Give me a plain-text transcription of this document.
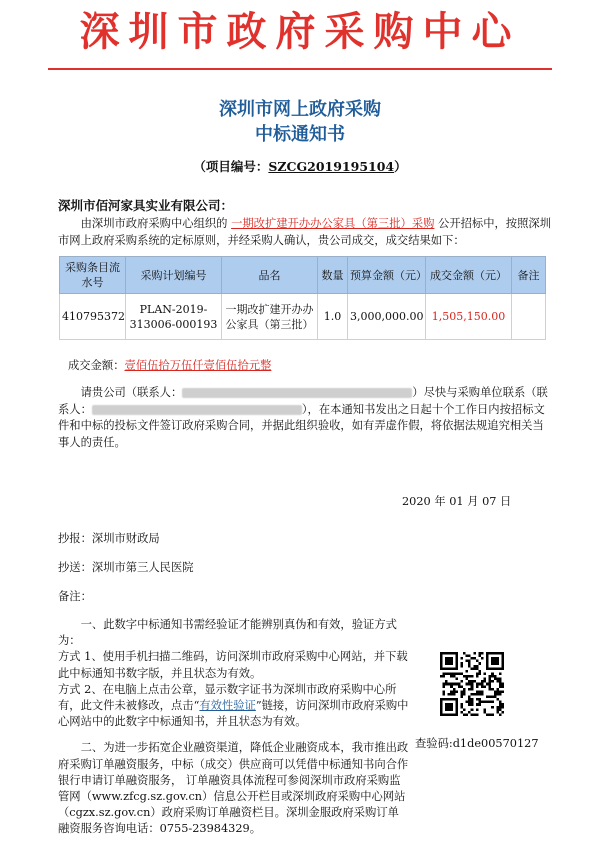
深圳市政府采购中心
深圳市网上政府采购
中标通知书
（项目编号：SZCG2019195104）
深圳市佰河家具实业有限公司：
  由深圳市政府采购中心组织的 一期改扩建开办办公家具（第三批）采购 公开招标中，按照深圳市网上政府采购系统的定标原则，并经采购人确认，贵公司成交，成交结果如下：
采购条目流水号	采购计划编号	品名	数量	预算金额（元）	成交金额（元）	备注
410795372	PLAN-2019-313006-000193	一期改扩建开办办公家具（第三批）	1.0	3,000,000.00	1,505,150.00	
成交金额：壹佰伍拾万伍仟壹佰伍拾元整
  请贵公司（联系人：	）尽快与采购单位联系（联系人：	），在本通知书发出之日起十个工作日内按招标文件和中标的投标文件签订政府采购合同，并据此组织验收，如有弄虚作假，将依据法规追究相关当事人的责任。
2020 年 01 月 07 日
抄报：深圳市财政局
抄送：深圳市第三人民医院
备注：

一、此数字中标通知书需经验证才能辨别真伪和有效，验证方式为：

方式 1、使用手机扫描二维码，访问深圳市政府采购中心网站，并下载此中标通知书数字版，并且状态为有效。

方式 2、在电脑上点击公章，显示数字证书为深圳市政府采购中心所有，此文件未被修改，点击“有效性验证”链接，访问深圳市政府采购中心网站中的此数字中标通知书，并且状态为有效。

二、为进一步拓宽企业融资渠道，降低企业融资成本，我市推出政府采购订单融资服务，中标（成交）供应商可以凭借中标通知书向合作银行申请订单融资服务， 订单融资具体流程可参阅深圳市政府采购监管网（www.zfcg.sz.gov.cn）信息公开栏目或深圳政府采购中心网站（cgzx.sz.gov.cn）政府采购订单融资栏目。深圳金服政府采购订单融资服务咨询电话：0755-23984329。

查验码:d1de00570127
